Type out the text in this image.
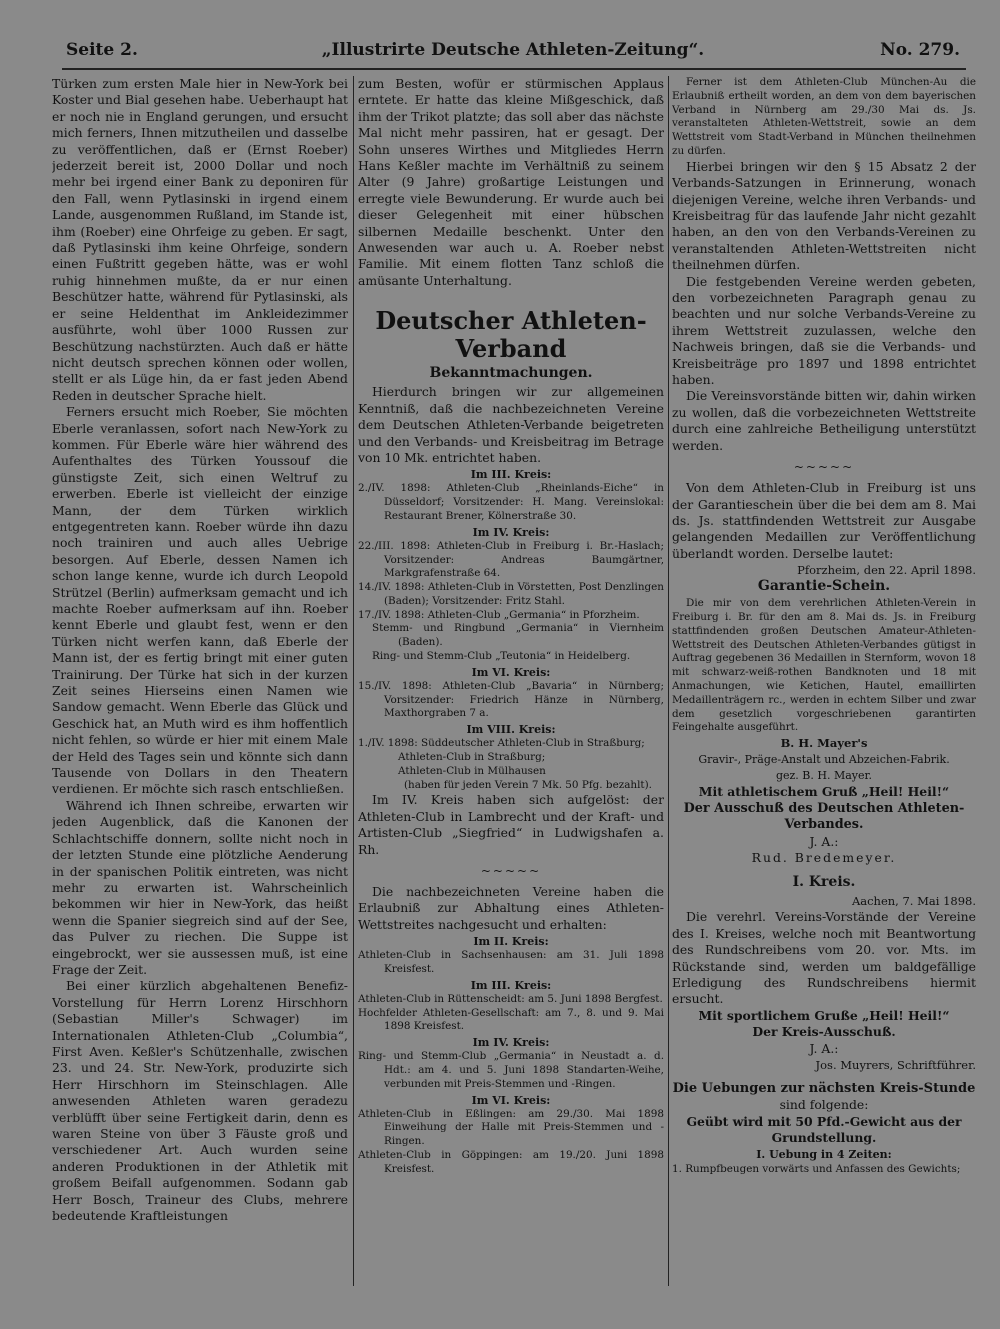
Seite 2.	„Illustrirte Deutsche Athleten-Zeitung“.	No. 279.

Türken zum ersten Male hier in New-York bei Koster und Bial gesehen habe. Ueberhaupt hat er noch nie in England gerungen, und ersucht mich ferners, Ihnen mitzutheilen und dasselbe zu veröffentlichen, daß er (Ernst Roeber) jederzeit bereit ist, 2000 Dollar und noch mehr bei irgend einer Bank zu deponiren für den Fall, wenn Pytlasinski in irgend einem Lande, ausgenommen Rußland, im Stande ist, ihm (Roeber) eine Ohrfeige zu geben. Er sagt, daß Pytlasinski ihm keine Ohrfeige, sondern einen Fußtritt gegeben hätte, was er wohl ruhig hinnehmen mußte, da er nur einen Beschützer hatte, während für Pytlasinski, als er seine Heldenthat im Ankleidezimmer ausführte, wohl über 1000 Russen zur Beschützung nachstürzten. Auch daß er hätte nicht deutsch sprechen können oder wollen, stellt er als Lüge hin, da er fast jeden Abend Reden in deutscher Sprache hielt.

Ferners ersucht mich Roeber, Sie möchten Eberle veranlassen, sofort nach New-York zu kommen. Für Eberle wäre hier während des Aufenthaltes des Türken Youssouf die günstigste Zeit, sich einen Weltruf zu erwerben. Eberle ist vielleicht der einzige Mann, der dem Türken wirklich entgegentreten kann. Roeber würde ihn dazu noch trainiren und auch alles Uebrige besorgen. Auf Eberle, dessen Namen ich schon lange kenne, wurde ich durch Leopold Strützel (Berlin) aufmerksam gemacht und ich machte Roeber aufmerksam auf ihn. Roeber kennt Eberle und glaubt fest, wenn er den Türken nicht werfen kann, daß Eberle der Mann ist, der es fertig bringt mit einer guten Trainirung. Der Türke hat sich in der kurzen Zeit seines Hierseins einen Namen wie Sandow gemacht. Wenn Eberle das Glück und Geschick hat, an Muth wird es ihm hoffentlich nicht fehlen, so würde er hier mit einem Male der Held des Tages sein und könnte sich dann Tausende von Dollars in den Theatern verdienen. Er möchte sich rasch entschließen.

Während ich Ihnen schreibe, erwarten wir jeden Augenblick, daß die Kanonen der Schlachtschiffe donnern, sollte nicht noch in der letzten Stunde eine plötzliche Aenderung in der spanischen Politik eintreten, was nicht mehr zu erwarten ist. Wahrscheinlich bekommen wir hier in New-York, das heißt wenn die Spanier siegreich sind auf der See, das Pulver zu riechen. Die Suppe ist eingebrockt, wer sie aussessen muß, ist eine Frage der Zeit.

Bei einer kürzlich abgehaltenen Benefiz-Vorstellung für Herrn Lorenz Hirschhorn (Sebastian Miller's Schwager) im Internationalen Athleten-Club „Columbia“, First Aven. Keßler's Schützenhalle, zwischen 23. und 24. Str. New-York, produzirte sich Herr Hirschhorn im Steinschlagen. Alle anwesenden Athleten waren geradezu verblüfft über seine Fertigkeit darin, denn es waren Steine von über 3 Fäuste groß und verschiedener Art. Auch wurden seine anderen Produktionen in der Athletik mit großem Beifall aufgenommen. Sodann gab Herr Bosch, Traineur des Clubs, mehrere bedeutende Kraftleistungen

zum Besten, wofür er stürmischen Applaus erntete. Er hatte das kleine Mißgeschick, daß ihm der Trikot platzte; das soll aber das nächste Mal nicht mehr passiren, hat er gesagt. Der Sohn unseres Wirthes und Mitgliedes Herrn Hans Keßler machte im Verhältniß zu seinem Alter (9 Jahre) großartige Leistungen und erregte viele Bewunderung. Er wurde auch bei dieser Gelegenheit mit einer hübschen silbernen Medaille beschenkt. Unter den Anwesenden war auch u. A. Roeber nebst Familie. Mit einem flotten Tanz schloß die amüsante Unterhaltung.

Deutscher Athleten-Verband
Bekanntmachungen.

Hierdurch bringen wir zur allgemeinen Kenntniß, daß die nachbezeichneten Vereine dem Deutschen Athleten-Verbande beigetreten und den Verbands- und Kreisbeitrag im Betrage von 10 Mk. entrichtet haben.

Im III. Kreis:

2./IV. 1898: Athleten-Club „Rheinlands-Eiche“ in Düsseldorf; Vorsitzender: H. Mang. Vereinslokal: Restaurant Brener, Kölnerstraße 30.

Im IV. Kreis:

22./III. 1898: Athleten-Club in Freiburg i. Br.-Haslach; Vorsitzender: Andreas Baumgärtner, Markgrafenstraße 64.

14./IV. 1898: Athleten-Club in Vörstetten, Post Denzlingen (Baden); Vorsitzender: Fritz Stahl.

17./IV. 1898: Athleten-Club „Germania“ in Pforzheim.

Stemm- und Ringbund „Germania“ in Viernheim (Baden).

Ring- und Stemm-Club „Teutonia“ in Heidelberg.

Im VI. Kreis:

15./IV. 1898: Athleten-Club „Bavaria“ in Nürnberg; Vorsitzender: Friedrich Hänze in Nürnberg, Maxthorgraben 7 a.

Im VIII. Kreis:

1./IV. 1898: Süddeutscher Athleten-Club in Straßburg;

Athleten-Club in Straßburg;

Athleten-Club in Mülhausen

(haben für jeden Verein 7 Mk. 50 Pfg. bezahlt).

Im IV. Kreis haben sich aufgelöst: der Athleten-Club in Lambrecht und der Kraft- und Artisten-Club „Siegfried“ in Ludwigshafen a. Rh.

~~~~~

Die nachbezeichneten Vereine haben die Erlaubniß zur Abhaltung eines Athleten-Wettstreites nachgesucht und erhalten:

Im II. Kreis:

Athleten-Club in Sachsenhausen: am 31. Juli 1898 Kreisfest.

Im III. Kreis:

Athleten-Club in Rüttenscheidt: am 5. Juni 1898 Bergfest.

Hochfelder Athleten-Gesellschaft: am 7., 8. und 9. Mai 1898 Kreisfest.

Im IV. Kreis:

Ring- und Stemm-Club „Germania“ in Neustadt a. d. Hdt.: am 4. und 5. Juni 1898 Standarten-Weihe, verbunden mit Preis-Stemmen und -Ringen.

Im VI. Kreis:

Athleten-Club in Eßlingen: am 29./30. Mai 1898 Einweihung der Halle mit Preis-Stemmen und -Ringen.

Athleten-Club in Göppingen: am 19./20. Juni 1898 Kreisfest.

Ferner ist dem Athleten-Club München-Au die Erlaubniß ertheilt worden, an dem von dem bayerischen Verband in Nürnberg am 29./30 Mai ds. Js. veranstalteten Athleten-Wettstreit, sowie an dem Wettstreit vom Stadt-Verband in München theilnehmen zu dürfen.

Hierbei bringen wir den § 15 Absatz 2 der Verbands-Satzungen in Erinnerung, wonach diejenigen Vereine, welche ihren Verbands- und Kreisbeitrag für das laufende Jahr nicht gezahlt haben, an den von den Verbands-Vereinen zu veranstaltenden Athleten-Wettstreiten nicht theilnehmen dürfen.

Die festgebenden Vereine werden gebeten, den vorbezeichneten Paragraph genau zu beachten und nur solche Verbands-Vereine zu ihrem Wettstreit zuzulassen, welche den Nachweis bringen, daß sie die Verbands- und Kreisbeiträge pro 1897 und 1898 entrichtet haben.

Die Vereinsvorstände bitten wir, dahin wirken zu wollen, daß die vorbezeichneten Wettstreite durch eine zahlreiche Betheiligung unterstützt werden.

~~~~~

Von dem Athleten-Club in Freiburg ist uns der Garantieschein über die bei dem am 8. Mai ds. Js. stattfindenden Wettstreit zur Ausgabe gelangenden Medaillen zur Veröffentlichung überlandt worden. Derselbe lautet:

Pforzheim, den 22. April 1898.
Garantie-Schein.

Die mir von dem verehrlichen Athleten-Verein in Freiburg i. Br. für den am 8. Mai ds. Js. in Freiburg stattfindenden großen Deutschen Amateur-Athleten-Wettstreit des Deutschen Athleten-Verbandes gütigst in Auftrag gegebenen 36 Medaillen in Sternform, wovon 18 mit schwarz-weiß-rothen Bandknoten und 18 mit Anmachungen, wie Ketichen, Hautel, emaillirten Medaillenträgern rc., werden in echtem Silber und zwar dem gesetzlich vorgeschriebenen garantirten Feingehalte ausgeführt.

B. H. Mayer's
Gravir-, Präge-Anstalt und Abzeichen-Fabrik.
gez. B. H. Mayer.
Mit athletischem Gruß „Heil! Heil!“
Der Ausschuß des Deutschen Athleten-Verbandes.
J. A.:
Rud. Bredemeyer.
I. Kreis.
Aachen, 7. Mai 1898.

Die verehrl. Vereins-Vorstände der Vereine des I. Kreises, welche noch mit Beantwortung des Rundschreibens vom 20. vor. Mts. im Rückstande sind, werden um baldgefällige Erledigung des Rundschreibens hiermit ersucht.

Mit sportlichem Gruße „Heil! Heil!“
Der Kreis-Ausschuß.
J. A.:
Jos. Muyrers, Schriftführer.
Die Uebungen zur nächsten Kreis-Stunde
sind folgende:
Geübt wird mit 50 Pfd.-Gewicht aus der Grundstellung.
I. Uebung in 4 Zeiten:

1. Rumpfbeugen vorwärts und Anfassen des Gewichts;
